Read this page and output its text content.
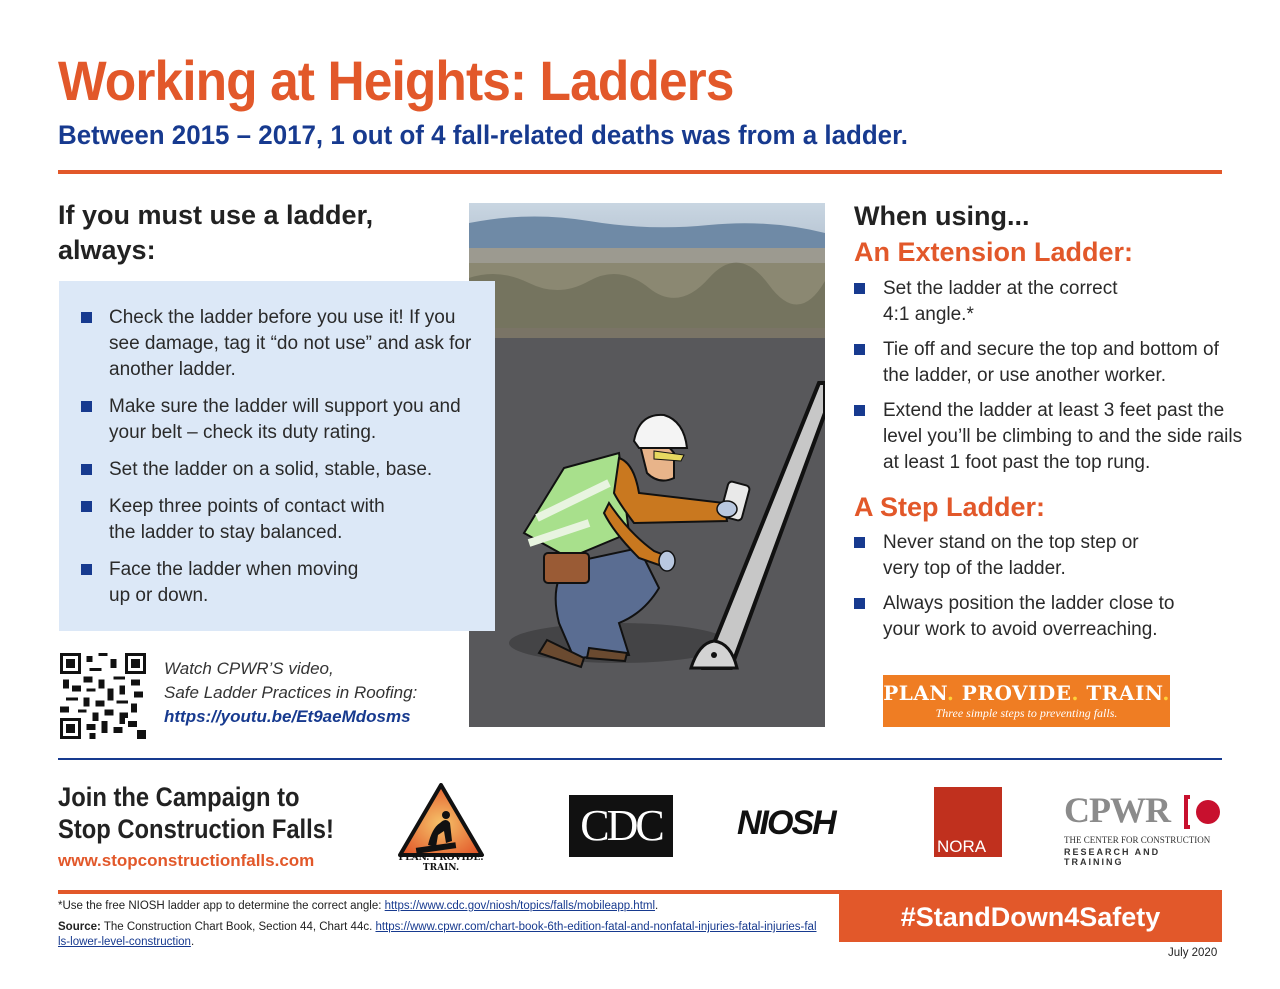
Working at Heights: Ladders
Between 2015 – 2017, 1 out of 4 fall-related deaths was from a ladder.
If you must use a ladder,
always:
Check the ladder before you use it! If you see damage, tag it “do not use” and ask for another ladder.
Make sure the ladder will support you and your belt – check its duty rating.
Set the ladder on a solid, stable, base.
Keep three points of contact with the ladder to stay balanced.
Face the ladder when moving up or down.
Watch CPWR’S video,
Safe Ladder Practices in Roofing:
https://youtu.be/Et9aeMdosms
When using...
An Extension Ladder:
Set the ladder at the correct 4:1 angle.*
Tie off and secure the top and bottom of the ladder, or use another worker.
Extend the ladder at least 3 feet past the level you’ll be climbing to and the side rails at least 1 foot past the top rung.
A Step Ladder:
Never stand on the top step or very top of the ladder.
Always position the ladder close to your work to avoid overreaching.
PLAN. PROVIDE. TRAIN.
Three simple steps to preventing falls.
Join the Campaign to
Stop Construction Falls!
www.stopconstructionfalls.com	PLAN. PROVIDE. TRAIN.
CDC	NIOSH
NORA
CPWR
THE CENTER FOR CONSTRUCTION
RESEARCH AND TRAINING
*Use the free NIOSH ladder app to determine the correct angle: https://www.cdc.gov/niosh/topics/falls/mobileapp.html.
Source: The Construction Chart Book, Section 44, Chart 44c. https://www.cpwr.com/chart-book-6th-edition-fatal-and-nonfatal-injuries-fatal-injuries-falls-lower-level-construction.
#StandDown4Safety
July 2020
